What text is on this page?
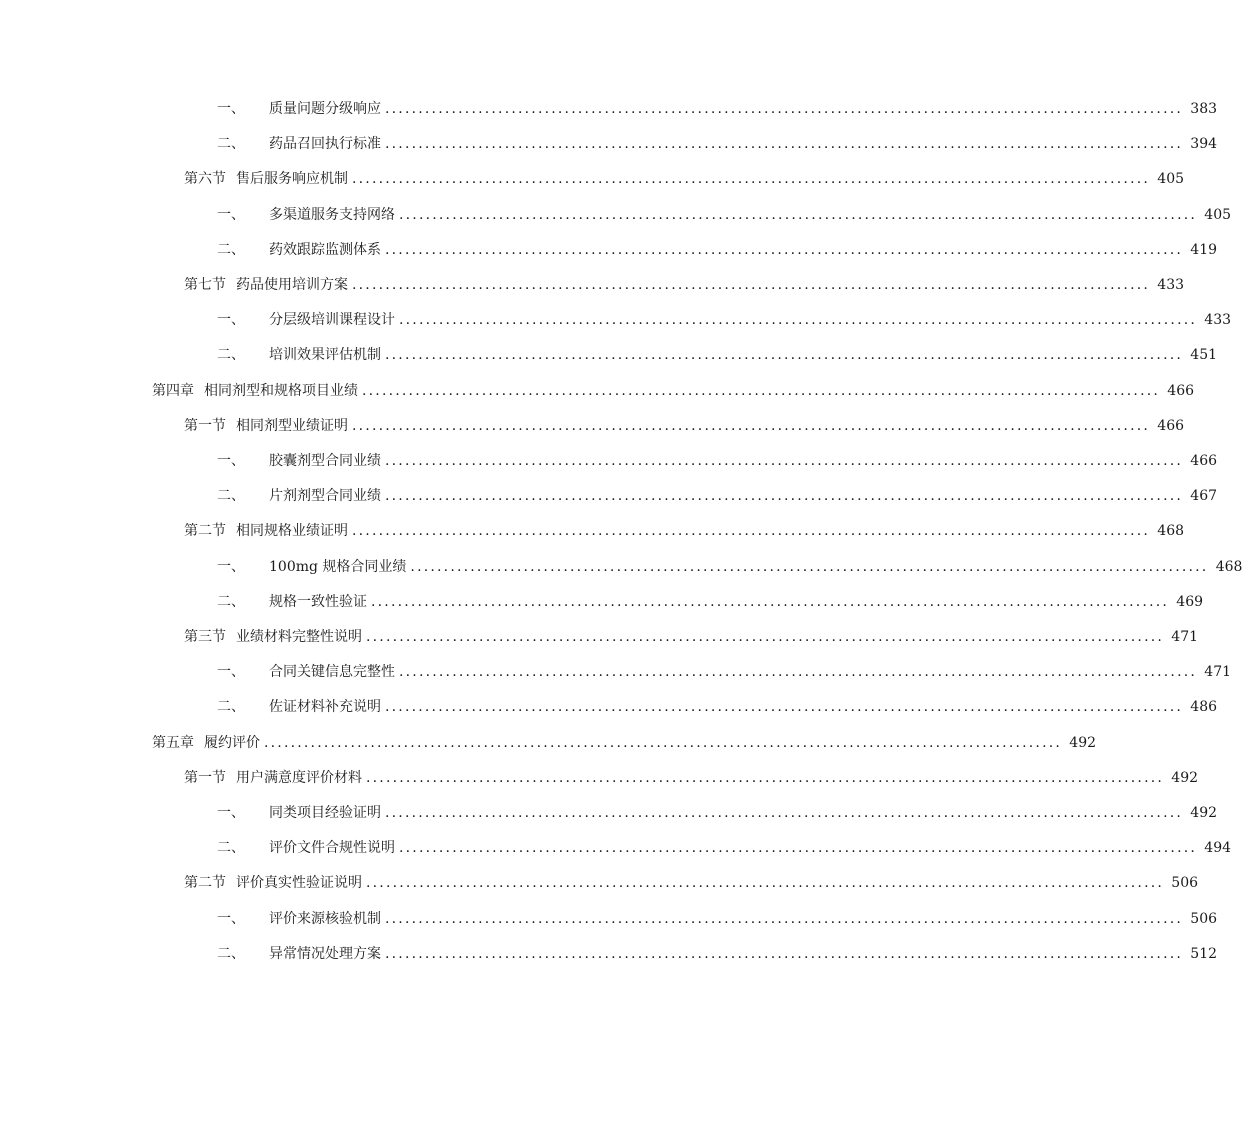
一、 质量问题分级响应 ........................................................................................................................ 383
二、 药品召回执行标准 ........................................................................................................................ 394
第六节 售后服务响应机制 ........................................................................................................................ 405
一、 多渠道服务支持网络 ........................................................................................................................ 405
二、 药效跟踪监测体系 ........................................................................................................................ 419
第七节 药品使用培训方案 ........................................................................................................................ 433
一、 分层级培训课程设计 ........................................................................................................................ 433
二、 培训效果评估机制 ........................................................................................................................ 451
第四章 相同剂型和规格项目业绩 ........................................................................................................................ 466
第一节 相同剂型业绩证明 ........................................................................................................................ 466
一、 胶囊剂型合同业绩 ........................................................................................................................ 466
二、 片剂剂型合同业绩 ........................................................................................................................ 467
第二节 相同规格业绩证明 ........................................................................................................................ 468
一、 100mg 规格合同业绩 ........................................................................................................................ 468
二、 规格一致性验证 ........................................................................................................................ 469
第三节 业绩材料完整性说明 ........................................................................................................................ 471
一、 合同关键信息完整性 ........................................................................................................................ 471
二、 佐证材料补充说明 ........................................................................................................................ 486
第五章 履约评价 ........................................................................................................................ 492
第一节 用户满意度评价材料 ........................................................................................................................ 492
一、 同类项目经验证明 ........................................................................................................................ 492
二、 评价文件合规性说明 ........................................................................................................................ 494
第二节 评价真实性验证说明 ........................................................................................................................ 506
一、 评价来源核验机制 ........................................................................................................................ 506
二、 异常情况处理方案 ........................................................................................................................ 512
